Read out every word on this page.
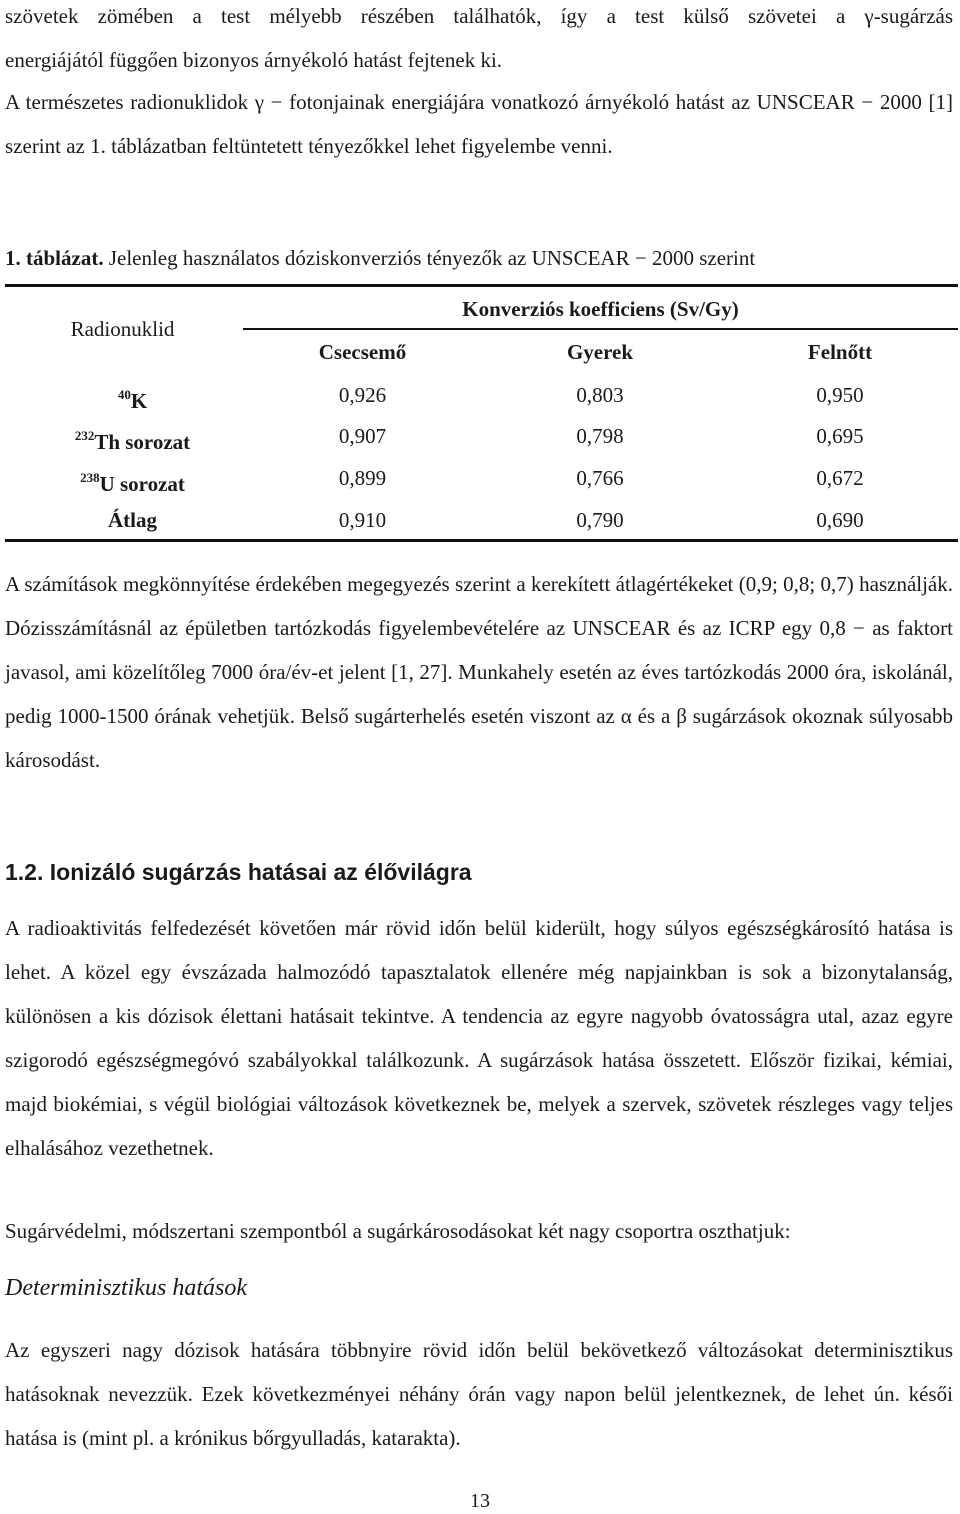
szövetek zömében a test mélyebb részében találhatók, így a test külső szövetei a γ-sugárzás
energiájától függően bizonyos árnyékoló hatást fejtenek ki.

A természetes radionuklidok γ − fotonjainak energiájára vonatkozó árnyékoló hatást az UNSCEAR − 2000 [1] szerint az 1. táblázatban feltüntetett tényezőkkel lehet figyelembe venni.

1. táblázat. Jelenleg használatos dóziskonverziós tényezők az UNSCEAR − 2000 szerint
Radionuklid
Konverziós koefficiens (Sv/Gy)
Csecsemő	Gyerek	Felnőtt
$^{40}$K	0,926	0,803	0,950
$^{232}$Th sorozat	0,907	0,798	0,695
$^{238}$U sorozat	0,899	0,766	0,672
Átlag	0,910	0,790	0,690

A számítások megkönnyítése érdekében megegyezés szerint a kerekített átlagértékeket (0,9; 0,8; 0,7) használják. Dózisszámításnál az épületben tartózkodás figyelembevételére az UNSCEAR és az ICRP egy 0,8 − as faktort javasol, ami közelítőleg 7000 óra/év-et jelent [1, 27]. Munkahely esetén az éves tartózkodás 2000 óra, iskolánál, pedig 1000-1500 órának vehetjük. Belső sugárterhelés esetén viszont az α és a β sugárzások okoznak súlyosabb károsodást.

1.2. Ionizáló sugárzás hatásai az élővilágra

A radioaktivitás felfedezését követően már rövid időn belül kiderült, hogy súlyos egészségkárosító hatása is lehet. A közel egy évszázada halmozódó tapasztalatok ellenére még napjainkban is sok a bizonytalanság, különösen a kis dózisok élettani hatásait tekintve. A tendencia az egyre nagyobb óvatosságra utal, azaz egyre szigorodó egészségmegóvó szabályokkal találkozunk. A sugárzások hatása összetett. Először fizikai, kémiai, majd biokémiai, s végül biológiai változások következnek be, melyek a szervek, szövetek részleges vagy teljes elhalásához vezethetnek.

Sugárvédelmi, módszertani szempontból a sugárkárosodásokat két nagy csoportra oszthatjuk:

Determinisztikus hatások

Az egyszeri nagy dózisok hatására többnyire rövid időn belül bekövetkező változásokat determinisztikus hatásoknak nevezzük. Ezek következményei néhány órán vagy napon belül jelentkeznek, de lehet ún. késői hatása is (mint pl. a krónikus bőrgyulladás, katarakta).

13
